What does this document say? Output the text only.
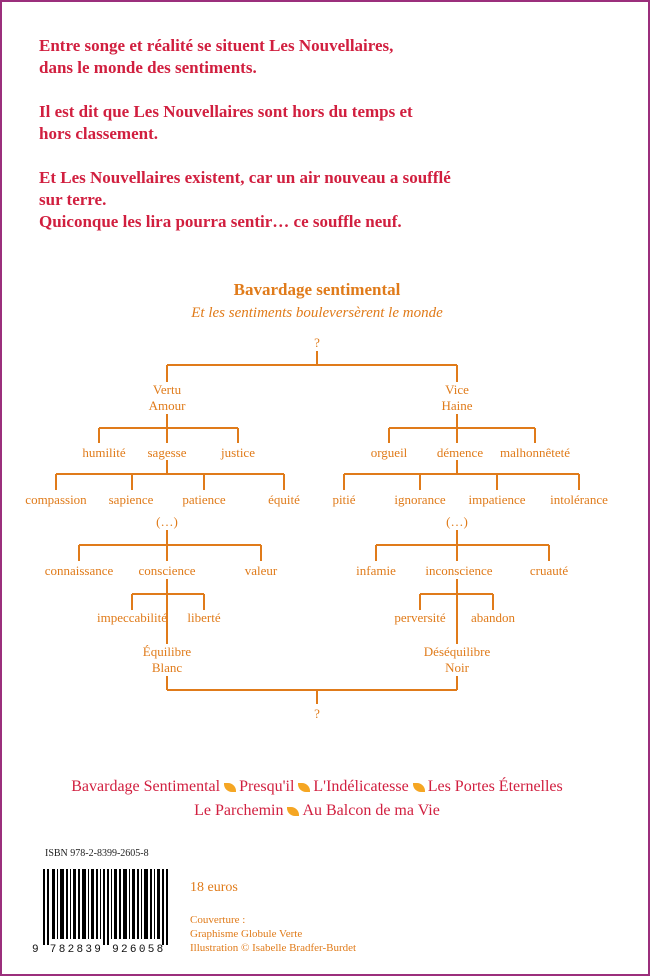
Entre songe et réalité se situent Les Nouvellaires,
dans le monde des sentiments.

Il est dit que Les Nouvellaires sont hors du temps et
hors classement.

Et Les Nouvellaires existent, car un air nouveau a soufflé
sur terre.
Quiconque les lira pourra sentir… ce souffle neuf.

Bavardage sentimental
Et les sentiments bouleversèrent le monde
?
Vertu
Amour
Vice
Haine
humilité sagesse	justice	orgueil démence malhonnêteté
compassion sapience patience	équité	pitié	ignorance impatience intolérance
(…)	(…)
connaissance conscience	valeur	infamie inconscience	cruauté
impeccabilité liberté	perversité abandon
Équilibre
Blanc
Déséquilibre
Noir
?
Bavardage Sentimental Presqu'il L'Indélicatesse Les Portes Éternelles
Le Parchemin Au Balcon de ma Vie
ISBN 978-2-8399-2605-8
9 782839 926058
18 euros
Couverture :
Graphisme Globule Verte
Illustration © Isabelle Bradfer-Burdet
